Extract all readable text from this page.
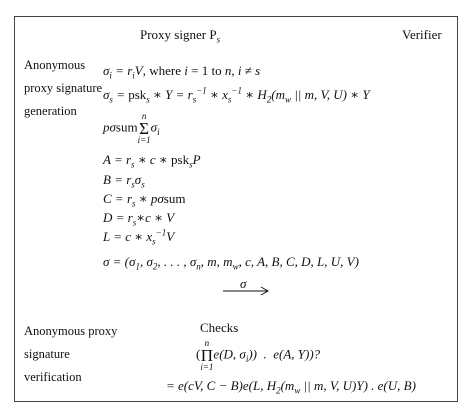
Proxy signer $P_s$	Verifier
Anonymous
proxy signature
generation
$\sigma_i = r_iV$, where i = 1 to n, i ≠ s
$\sigma_s = psk_s$ ∗ $Y = r_s^{-1}$ ∗ $x_s^{-1}$ ∗ $H_2(m_w$ || m, V, U) ∗ Y
pσsum
n
Σ
i=1
$\sigma_i$
$A = r_s$ ∗ c ∗ psk$_s$P
$B = r_s\sigma_s$
$C = r_s$ ∗ pσsum
$D = r_s∗c$ ∗ V
L = c ∗ $x_s^{-1}V$
$\sigma = (\sigma_1$, $\sigma_2$, . . . , $\sigma_n$, m, $m_w$, c, A, B, C, D, L, U, V)
σ
Anonymous proxy
signature
verification
Checks
(
n
Π
i=1
e(D, $\sigma_i$))  .  e(A, Y))?
= e(cV, C − B)e(L, $H_2(m_w$ || m, V, U)Y) . e(U, B)
